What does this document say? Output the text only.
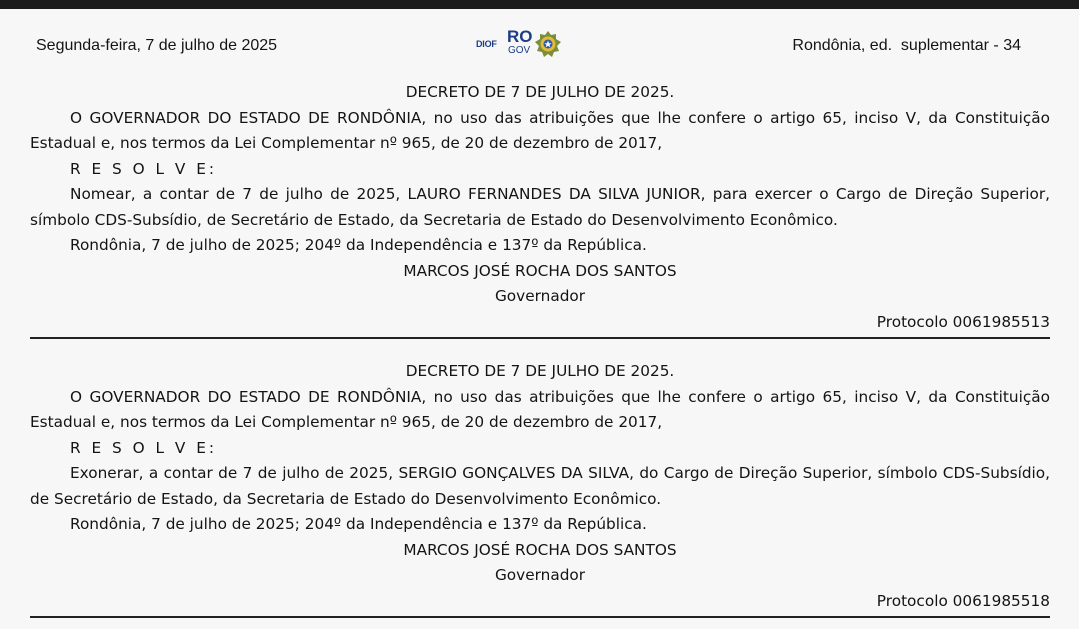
Segunda-feira, 7 de julho de 2025	DIOF RO
GOV	Rondônia, ed.  suplementar - 34

DECRETO DE 7 DE JULHO DE 2025.

O GOVERNADOR DO ESTADO DE RONDÔNIA, no uso das atribuições que lhe confere o artigo 65, inciso V, da Constituição Estadual e, nos termos da Lei Complementar nº 965, de 20 de dezembro de 2017,

R E S O L V E:

Nomear, a contar de 7 de julho de 2025, LAURO FERNANDES DA SILVA JUNIOR, para exercer o Cargo de Direção Superior, símbolo CDS-Subsídio, de Secretário de Estado, da Secretaria de Estado do Desenvolvimento Econômico.

Rondônia, 7 de julho de 2025; 204º da Independência e 137º da República.

MARCOS JOSÉ ROCHA DOS SANTOS

Governador

Protocolo 0061985513

DECRETO DE 7 DE JULHO DE 2025.

O GOVERNADOR DO ESTADO DE RONDÔNIA, no uso das atribuições que lhe confere o artigo 65, inciso V, da Constituição Estadual e, nos termos da Lei Complementar nº 965, de 20 de dezembro de 2017,

R E S O L V E:

Exonerar, a contar de 7 de julho de 2025, SERGIO GONÇALVES DA SILVA, do Cargo de Direção Superior, símbolo CDS-Subsídio, de Secretário de Estado, da Secretaria de Estado do Desenvolvimento Econômico.

Rondônia, 7 de julho de 2025; 204º da Independência e 137º da República.

MARCOS JOSÉ ROCHA DOS SANTOS

Governador

Protocolo 0061985518
